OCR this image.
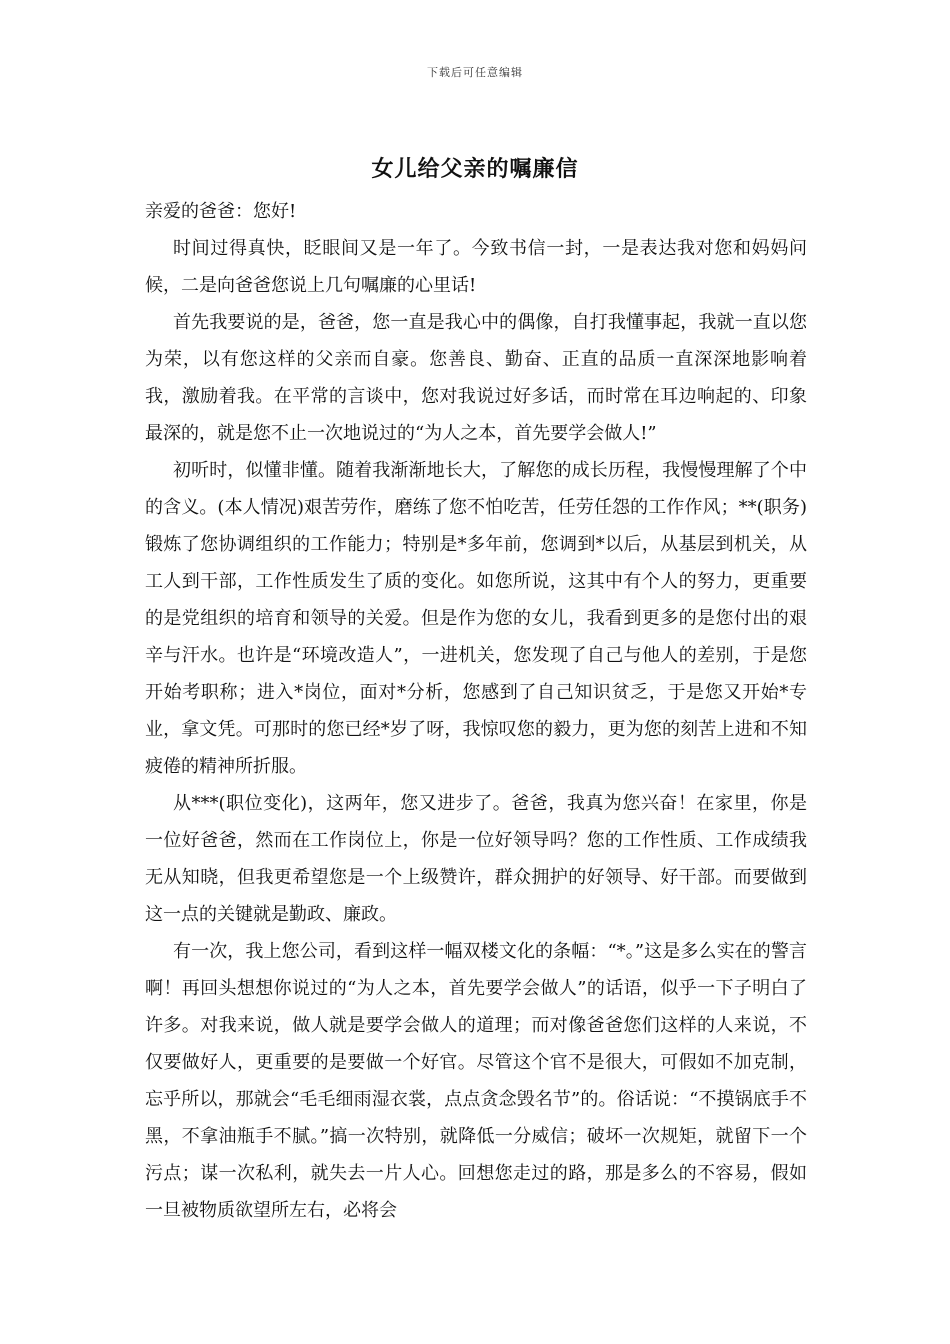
下载后可任意编辑
女儿给父亲的嘱廉信

亲爱的爸爸：您好!

时间过得真快，眨眼间又是一年了。今致书信一封，一是表达我对您和妈妈问候，二是向爸爸您说上几句嘱廉的心里话!

首先我要说的是，爸爸，您一直是我心中的偶像，自打我懂事起，我就一直以您为荣，以有您这样的父亲而自豪。您善良、勤奋、正直的品质一直深深地影响着我，激励着我。在平常的言谈中，您对我说过好多话，而时常在耳边响起的、印象最深的，就是您不止一次地说过的“为人之本，首先要学会做人!”

初听时，似懂非懂。随着我渐渐地长大，了解您的成长历程，我慢慢理解了个中的含义。(本人情况)艰苦劳作，磨练了您不怕吃苦，任劳任怨的工作作风；**(职务)锻炼了您协调组织的工作能力；特别是*多年前，您调到*以后，从基层到机关，从工人到干部，工作性质发生了质的变化。如您所说，这其中有个人的努力，更重要的是党组织的培育和领导的关爱。但是作为您的女儿，我看到更多的是您付出的艰辛与汗水。也许是“环境改造人”，一进机关，您发现了自己与他人的差别，于是您开始考职称；进入*岗位，面对*分析，您感到了自己知识贫乏，于是您又开始*专业，拿文凭。可那时的您已经*岁了呀，我惊叹您的毅力，更为您的刻苦上进和不知疲倦的精神所折服。

从***(职位变化)，这两年，您又进步了。爸爸，我真为您兴奋！在家里，你是一位好爸爸，然而在工作岗位上，你是一位好领导吗？您的工作性质、工作成绩我无从知晓，但我更希望您是一个上级赞许，群众拥护的好领导、好干部。而要做到这一点的关键就是勤政、廉政。

有一次，我上您公司，看到这样一幅双楼文化的条幅：“*。”这是多么实在的警言啊！再回头想想你说过的“为人之本，首先要学会做人”的话语，似乎一下子明白了许多。对我来说，做人就是要学会做人的道理；而对像爸爸您们这样的人来说，不仅要做好人，更重要的是要做一个好官。尽管这个官不是很大，可假如不加克制，忘乎所以，那就会“毛毛细雨湿衣裳，点点贪念毁名节”的。俗话说：“不摸锅底手不黑，不拿油瓶手不腻。”搞一次特别，就降低一分威信；破坏一次规矩，就留下一个污点；谋一次私利，就失去一片人心。回想您走过的路，那是多么的不容易，假如一旦被物质欲望所左右，必将会
